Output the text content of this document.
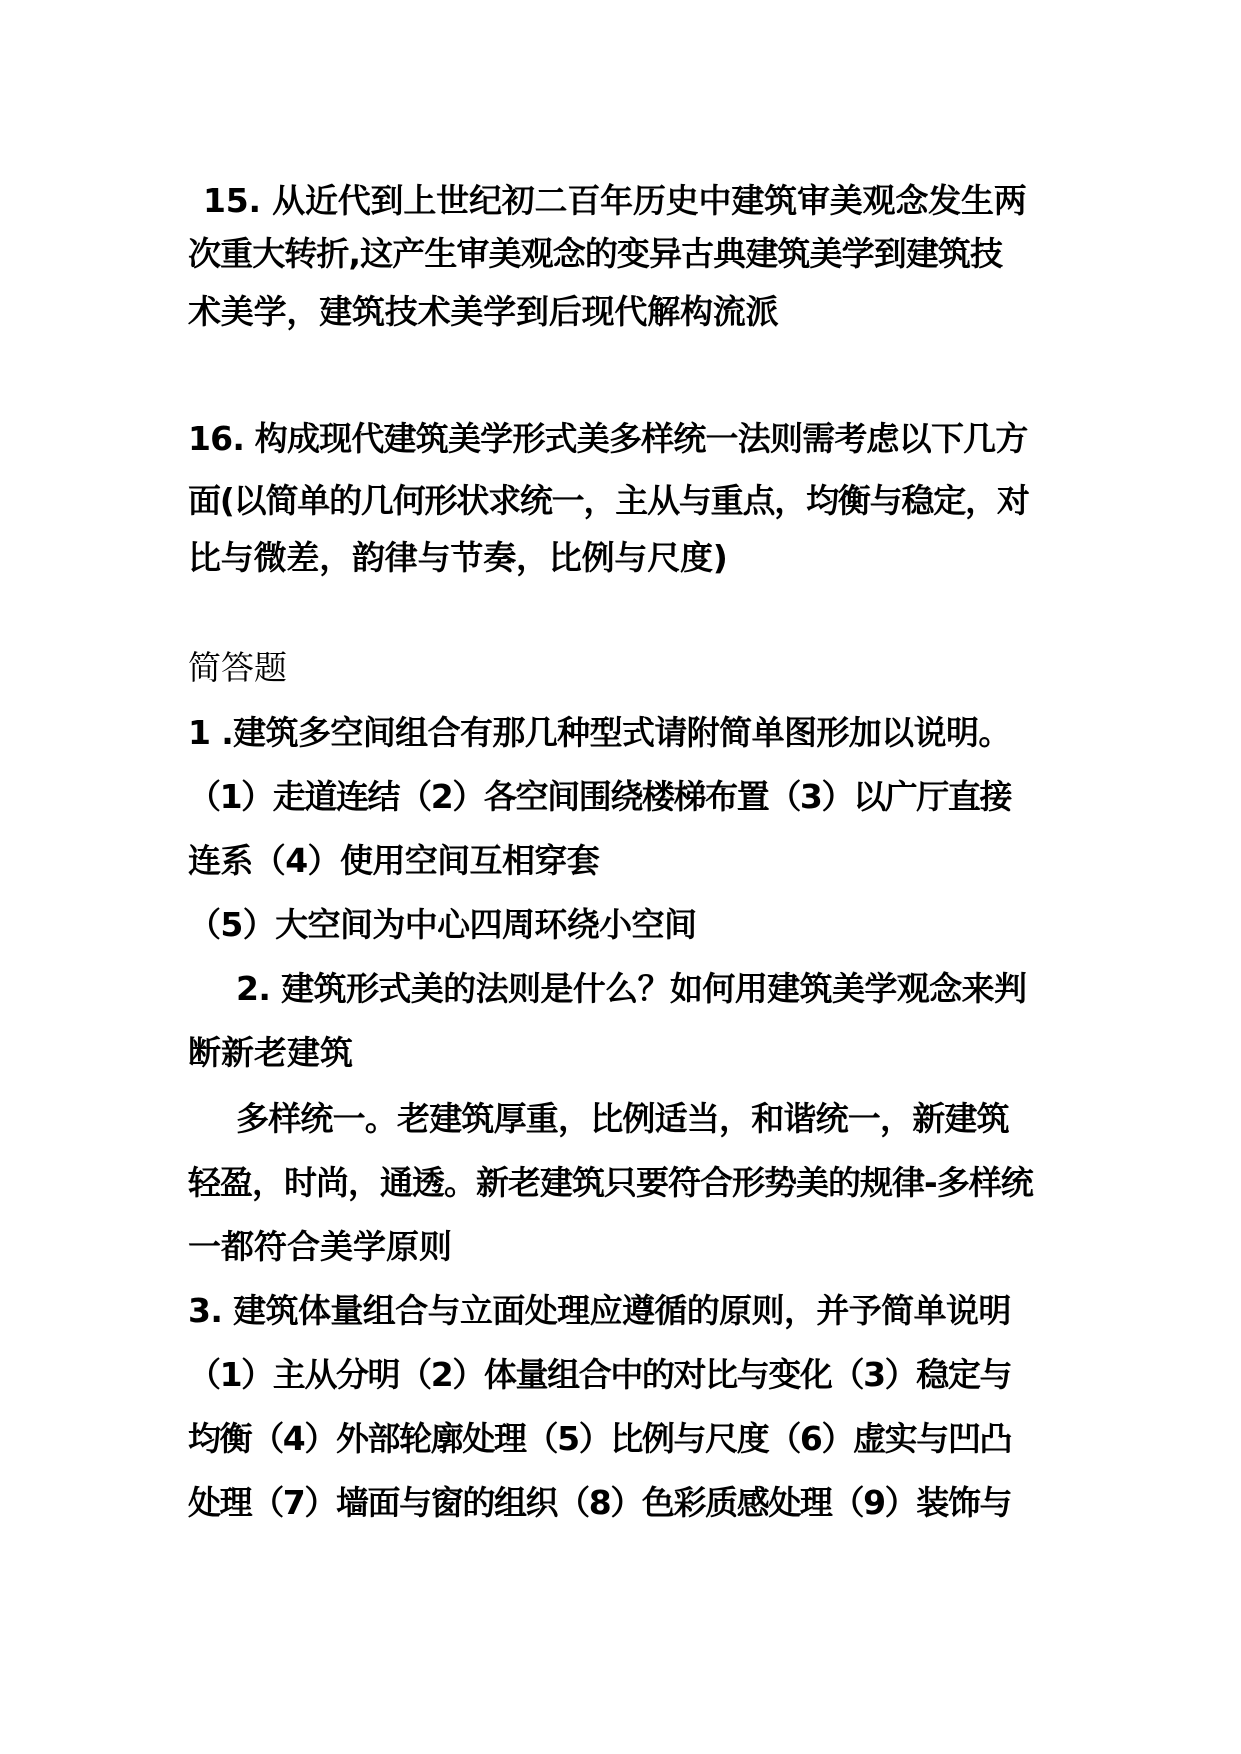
15. 从近代到上世纪初二百年历史中建筑审美观念发生两
次重大转折,这产生审美观念的变异古典建筑美学到建筑技
术美学，建筑技术美学到后现代解构流派
16. 构成现代建筑美学形式美多样统一法则需考虑以下几方
面(以简单的几何形状求统一，主从与重点，均衡与稳定，对
比与微差，韵律与节奏，比例与尺度)
简答题
1 .建筑多空间组合有那几种型式请附简单图形加以说明。
（1）走道连结（2）各空间围绕楼梯布置（3）以广厅直接
连系（4）使用空间互相穿套
（5）大空间为中心四周环绕小空间
2. 建筑形式美的法则是什么？如何用建筑美学观念来判
断新老建筑
多样统一。老建筑厚重，比例适当，和谐统一，新建筑
轻盈，时尚，通透。新老建筑只要符合形势美的规律-多样统
一都符合美学原则
3. 建筑体量组合与立面处理应遵循的原则，并予简单说明
（1）主从分明（2）体量组合中的对比与变化（3）稳定与
均衡（4）外部轮廓处理（5）比例与尺度（6）虚实与凹凸
处理（7）墙面与窗的组织（8）色彩质感处理（9）装饰与
